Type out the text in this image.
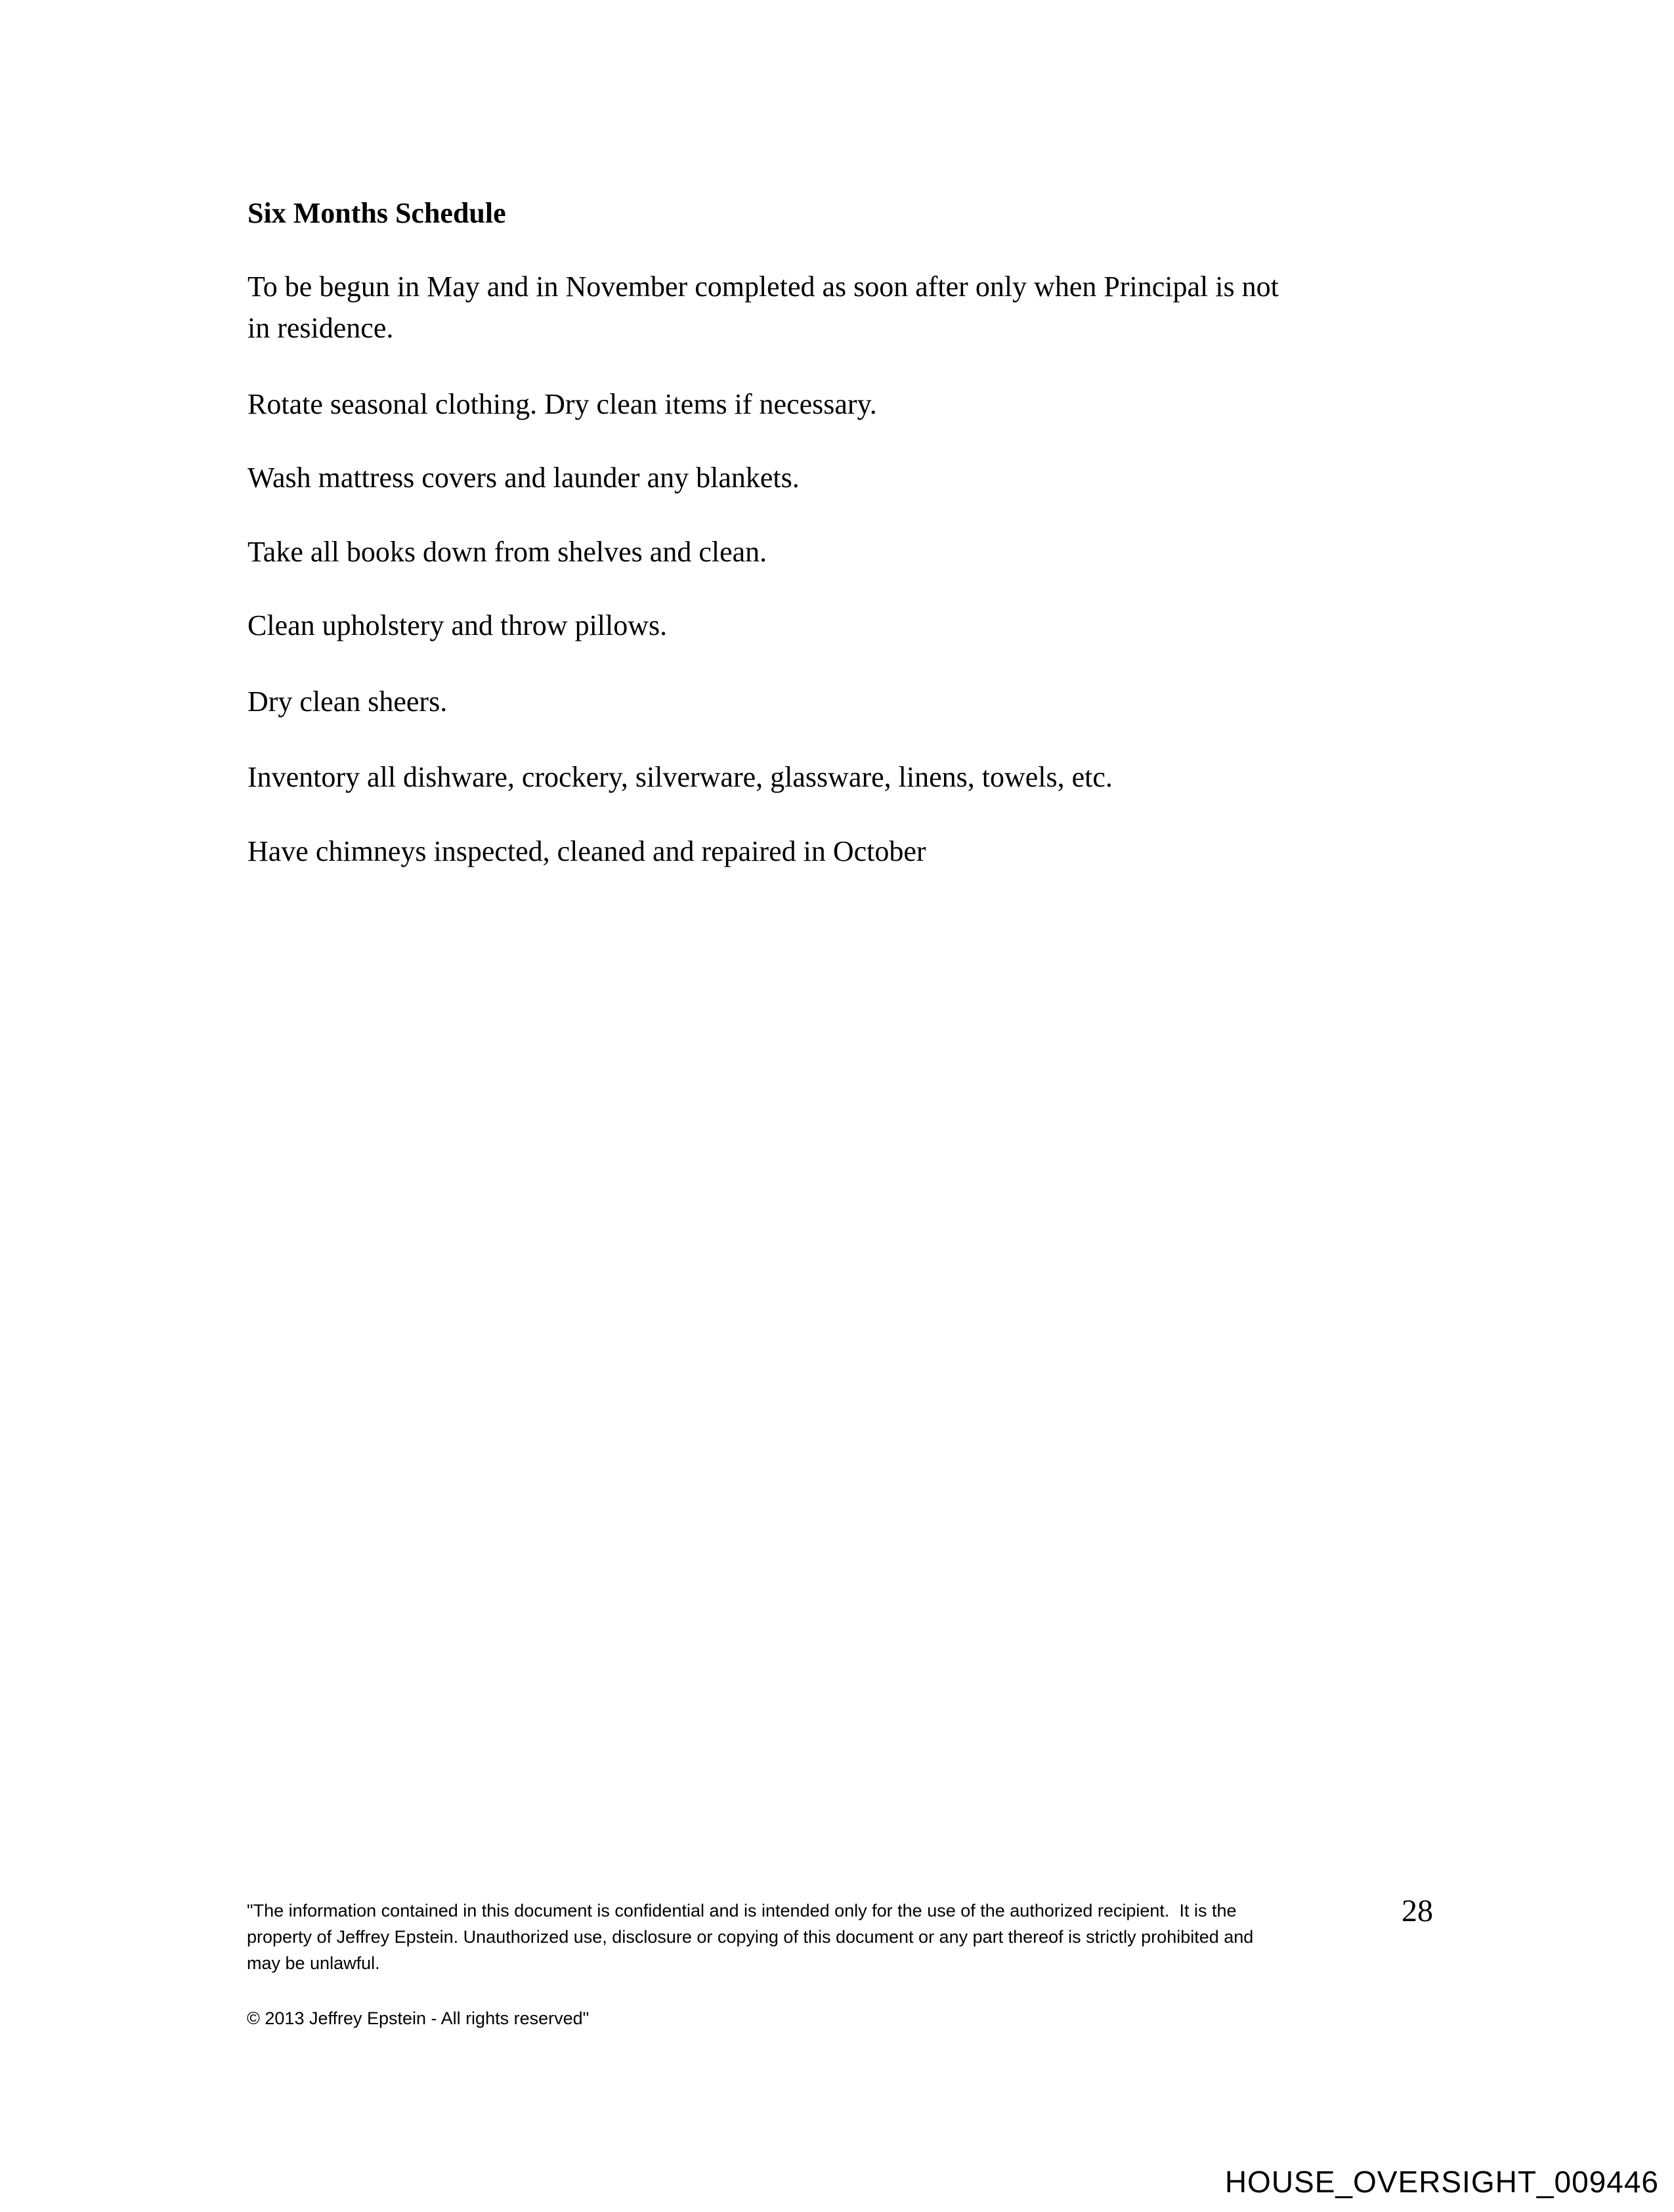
Six Months Schedule

To be begun in May and in November completed as soon after only when Principal is not
in residence.

Rotate seasonal clothing. Dry clean items if necessary.

Wash mattress covers and launder any blankets.

Take all books down from shelves and clean.

Clean upholstery and throw pillows.

Dry clean sheers.

Inventory all dishware, crockery, silverware, glassware, linens, towels, etc.

Have chimneys inspected, cleaned and repaired in October

"The information contained in this document is confidential and is intended only for the use of the authorized recipient.  It is the
property of Jeffrey Epstein. Unauthorized use, disclosure or copying of this document or any part thereof is strictly prohibited and
may be unlawful.
28
© 2013 Jeffrey Epstein - All rights reserved"
HOUSE_OVERSIGHT_009446
